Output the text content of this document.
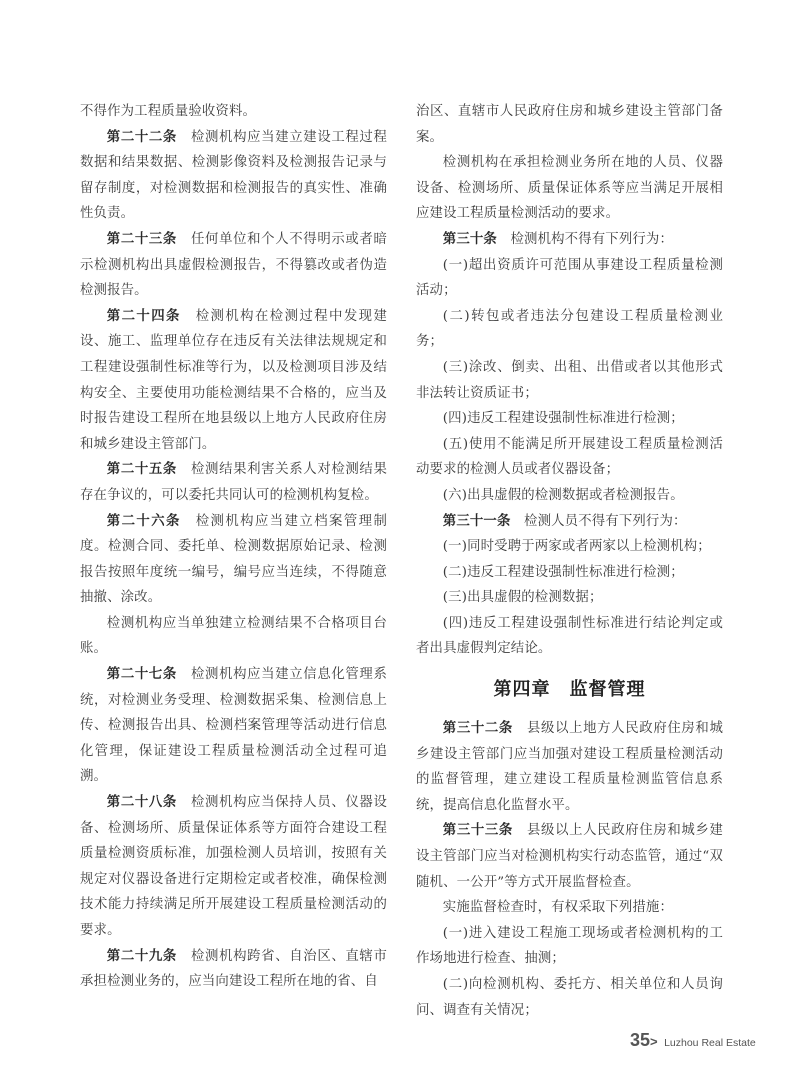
不得作为工程质量验收资料。

第二十二条　 检测机构应当建立建设工程过程数据和结果数据、检测影像资料及检测报告记录与留存制度，对检测数据和检测报告的真实性、准确性负责。

第二十三条　 任何单位和个人不得明示或者暗示检测机构出具虚假检测报告，不得篡改或者伪造检测报告。

第二十四条　 检测机构在检测过程中发现建设、施工、监理单位存在违反有关法律法规规定和工程建设强制性标准等行为，以及检测项目涉及结构安全、主要使用功能检测结果不合格的，应当及时报告建设工程所在地县级以上地方人民政府住房和城乡建设主管部门。

第二十五条　 检测结果利害关系人对检测结果存在争议的，可以委托共同认可的检测机构复检。

第二十六条　 检测机构应当建立档案管理制度。检测合同、委托单、检测数据原始记录、检测报告按照年度统一编号，编号应当连续，不得随意抽撤、涂改。

检测机构应当单独建立检测结果不合格项目台账。

第二十七条　 检测机构应当建立信息化管理系统，对检测业务受理、检测数据采集、检测信息上传、检测报告出具、检测档案管理等活动进行信息化管理，保证建设工程质量检测活动全过程可追溯。

第二十八条　 检测机构应当保持人员、仪器设备、检测场所、质量保证体系等方面符合建设工程质量检测资质标准，加强检测人员培训，按照有关规定对仪器设备进行定期检定或者校准，确保检测技术能力持续满足所开展建设工程质量检测活动的要求。

第二十九条　 检测机构跨省、自治区、直辖市承担检测业务的，应当向建设工程所在地的省、自

治区、直辖市人民政府住房和城乡建设主管部门备案。

检测机构在承担检测业务所在地的人员、仪器设备、检测场所、质量保证体系等应当满足开展相应建设工程质量检测活动的要求。

第三十条　 检测机构不得有下列行为：

(一)超出资质许可范围从事建设工程质量检测活动；

(二)转包或者违法分包建设工程质量检测业务；

(三)涂改、倒卖、出租、出借或者以其他形式非法转让资质证书；

(四)违反工程建设强制性标准进行检测；

(五)使用不能满足所开展建设工程质量检测活动要求的检测人员或者仪器设备；

(六)出具虚假的检测数据或者检测报告。

第三十一条　 检测人员不得有下列行为：

(一)同时受聘于两家或者两家以上检测机构；

(二)违反工程建设强制性标准进行检测；

(三)出具虚假的检测数据；

(四)违反工程建设强制性标准进行结论判定或者出具虚假判定结论。

第四章　监督管理

第三十二条　 县级以上地方人民政府住房和城乡建设主管部门应当加强对建设工程质量检测活动的监督管理，建立建设工程质量检测监管信息系统，提高信息化监督水平。

第三十三条　 县级以上人民政府住房和城乡建设主管部门应当对检测机构实行动态监管，通过“双随机、一公开”等方式开展监督检查。

实施监督检查时，有权采取下列措施：

(一)进入建设工程施工现场或者检测机构的工作场地进行检查、抽测；

(二)向检测机构、委托方、相关单位和人员询问、调查有关情况；

35> Luzhou Real Estate
